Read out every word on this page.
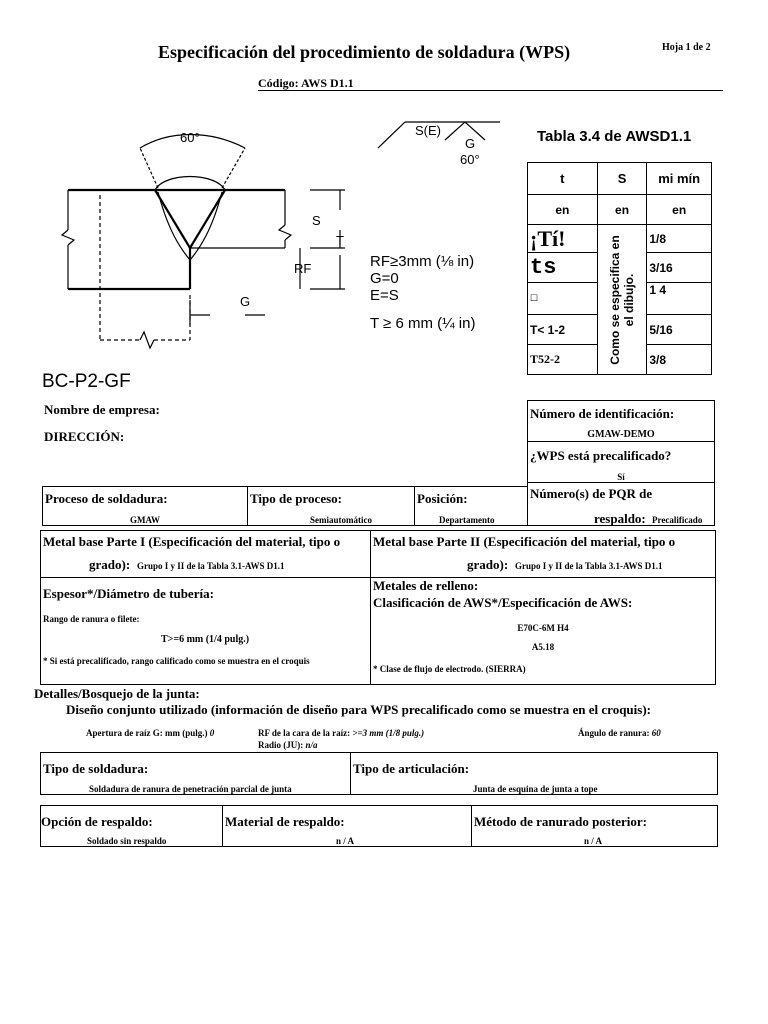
Especificación del procedimiento de soldadura (WPS)	Hoja 1 de 2
Código: AWS D1.1
60°	S(E)
G
60°
S
T
RF
G
BC-P2-GF
RF≥3mm (⅛ in)
G=0
E=S
T ≥ 6 mm (¼ in)
Tabla 3.4 de AWSD1.1
t	S	mi mín
en	en	en
¡Tí!	Como se especifica en el dibujo.	1/8
ts		3/16
☐		1 4
T< 1-2		5/16
T52-2		3/8
Nombre de empresa:
DIRECCIÓN:
Número de identificación:
GMAW-DEMO
¿WPS está precalificado?
Sí
Proceso de soldadura:
GMAW
Tipo de proceso:
Semiautomático
Posición:
Departamento
Número(s) de PQR de
respaldo: Precalificado
Metal base Parte I (Especificación del material, tipo o
grado): Grupo I y II de la Tabla 3.1-AWS D1.1
Metal base Parte II (Especificación del material, tipo o
grado): Grupo I y II de la Tabla 3.1-AWS D1.1
Espesor*/Diámetro de tubería:
Rango de ranura o filete:
T>=6 mm (1/4 pulg.)
* Si está precalificado, rango calificado como se muestra en el croquis
Metales de relleno:
Clasificación de AWS*/Especificación de AWS:
E70C-6M H4
A5.18
* Clase de flujo de electrodo. (SIERRA)
Detalles/Bosquejo de la junta:
Diseño conjunto utilizado (información de diseño para WPS precalificado como se muestra en el croquis):
Apertura de raíz G: mm (pulg.) 0	RF de la cara de la raíz: >=3 mm (1/8 pulg.)
Radio (JU): n/a
Ángulo de ranura: 60
Tipo de soldadura:
Soldadura de ranura de penetración parcial de junta
Tipo de articulación:
Junta de esquina de junta a tope
Opción de respaldo:
Soldado sin respaldo
Material de respaldo:
n / A
Método de ranurado posterior:
n / A
